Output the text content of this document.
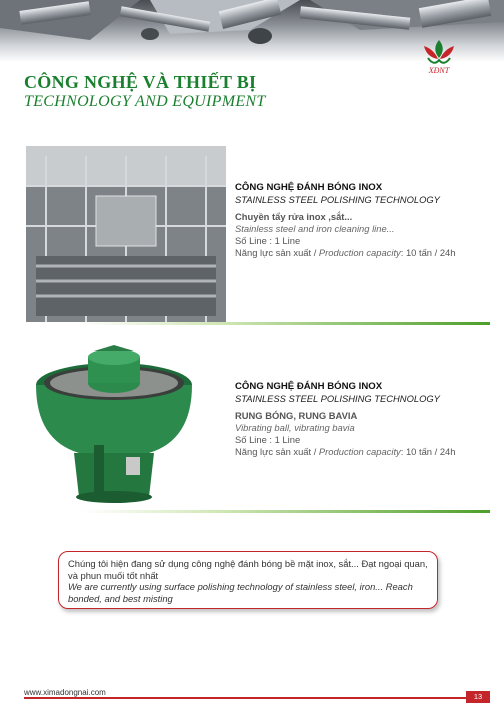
XĐNT
CÔNG NGHỆ VÀ THIẾT BỊ
TECHNOLOGY AND EQUIPMENT
CÔNG NGHỆ ĐÁNH BÓNG INOX
STAINLESS STEEL POLISHING TECHNOLOGY
Chuyền tẩy rửa inox ,sắt...
Stainless steel and iron cleaning line...
Số Line : 1 Line
Năng lực sản xuất / Production capacity: 10 tấn / 24h
CÔNG NGHỆ ĐÁNH BÓNG INOX
STAINLESS STEEL POLISHING TECHNOLOGY
RUNG BÓNG, RUNG BAVIA
Vibrating ball, vibrating bavia
Số Line : 1 Line
Năng lực sản xuất / Production capacity: 10 tấn / 24h
Chúng tôi hiện đang sử dụng công nghệ đánh bóng bề mặt inox, sắt... Đạt ngoại quan, và phun muối tốt nhất
We are currently using surface polishing technology of stainless steel, iron... Reach bonded, and best misting
www.ximadongnai.com	13
